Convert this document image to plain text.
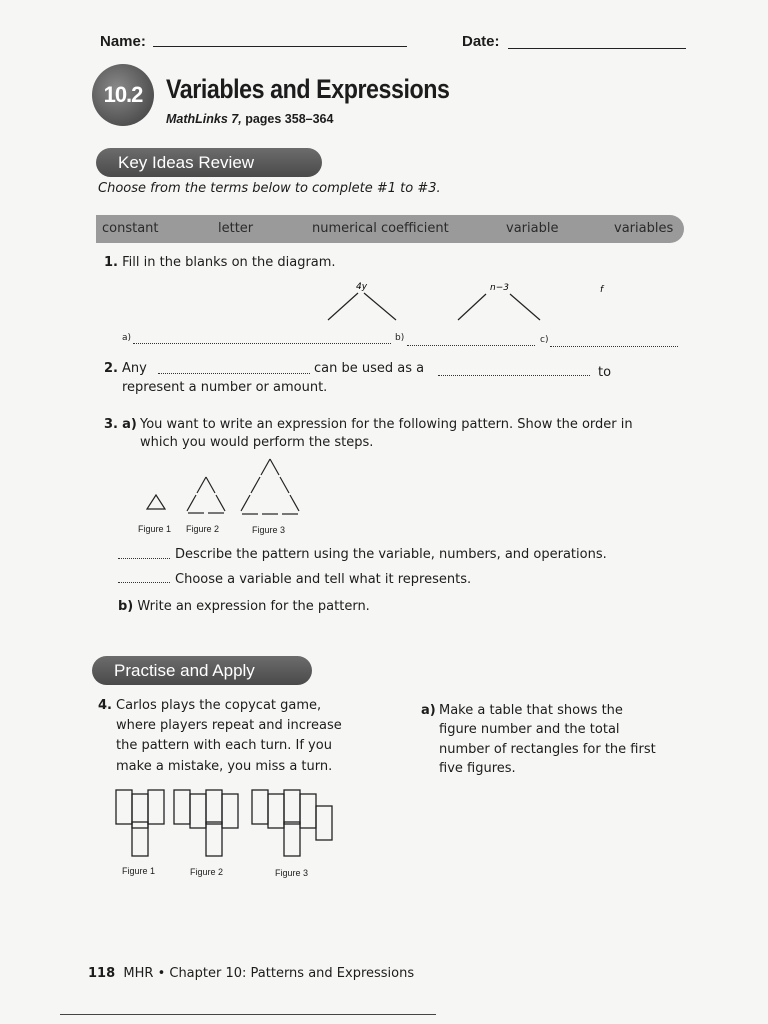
Name:	Date:
10.2 Variables and Expressions
MathLinks 7, pages 358–364
Key Ideas Review
Choose from the terms below to complete #1 to #3.
constant	letter	numerical coefficient	variable	variables
1. Fill in the blanks on the diagram.
4y	n−3	f
a)	b)	c)
2. Any	can be used as a	to
represent a number or amount.
3. a) You want to write an expression for the following pattern. Show the order in
which you would perform the steps.
Figure 1 Figure 2	Figure 3
Describe the pattern using the variable, numbers, and operations.
Choose a variable and tell what it represents.
b) Write an expression for the pattern.
Practise and Apply
4. Carlos plays the copycat game,
where players repeat and increase
the pattern with each turn. If you
make a mistake, you miss a turn.
a) Make a table that shows the
figure number and the total
number of rectangles for the first
five figures.
Figure 1	Figure 2	Figure 3
118 MHR • Chapter 10: Patterns and Expressions
